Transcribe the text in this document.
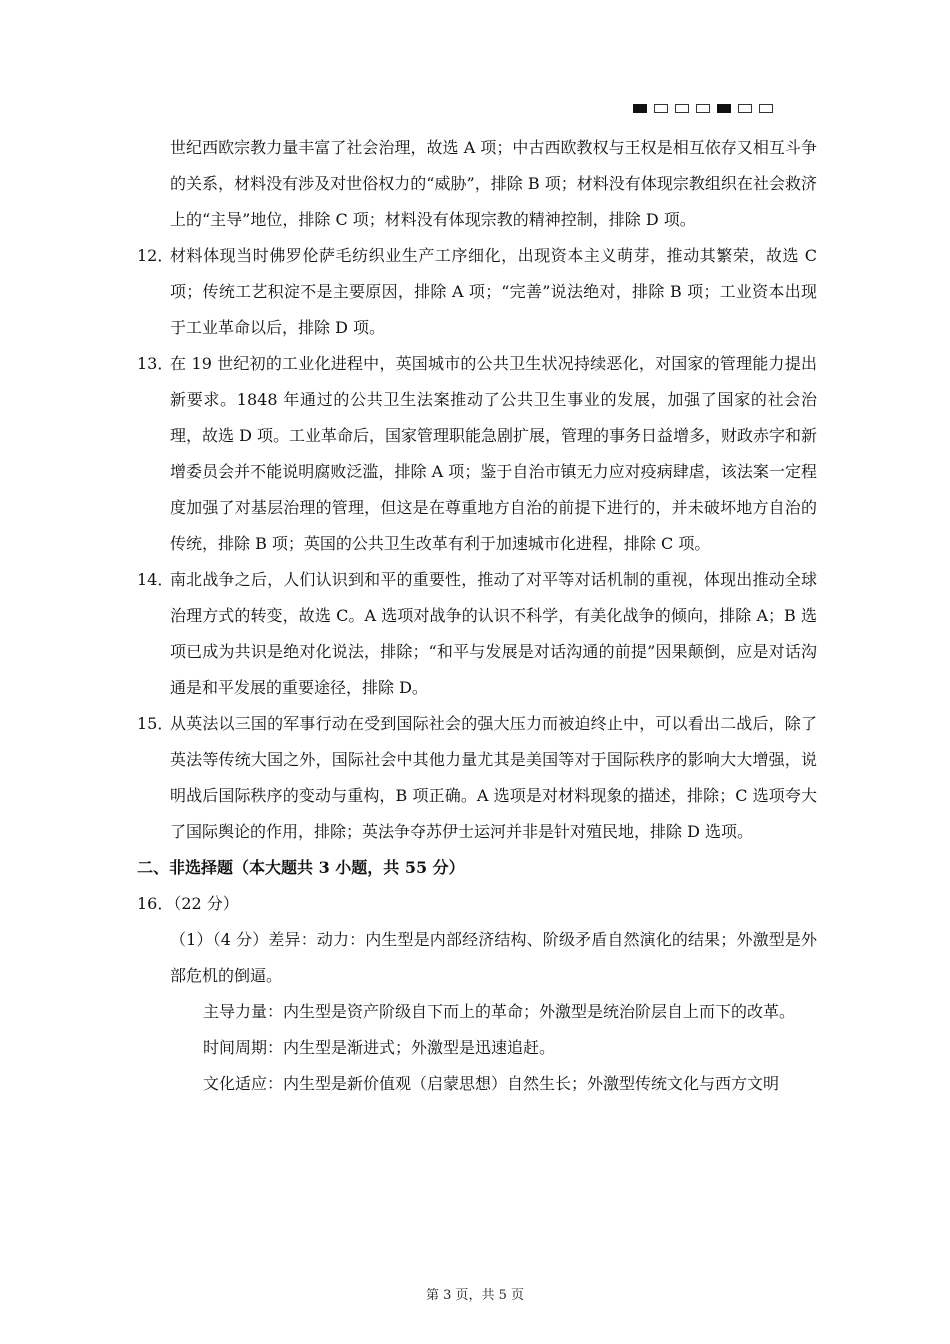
世纪西欧宗教力量丰富了社会治理，故选 A 项；中古西欧教权与王权是相互依存又相互斗争的关系，材料没有涉及对世俗权力的“威胁”，排除 B 项；材料没有体现宗教组织在社会救济上的“主导”地位，排除 C 项；材料没有体现宗教的精神控制，排除 D 项。

12．
材料体现当时佛罗伦萨毛纺织业生产工序细化，出现资本主义萌芽，推动其繁荣，故选 C 项；传统工艺积淀不是主要原因，排除 A 项；“完善”说法绝对，排除 B 项；工业资本出现于工业革命以后，排除 D 项。
13．
在 19 世纪初的工业化进程中，英国城市的公共卫生状况持续恶化，对国家的管理能力提出新要求。1848 年通过的公共卫生法案推动了公共卫生事业的发展，加强了国家的社会治理，故选 D 项。工业革命后，国家管理职能急剧扩展，管理的事务日益增多，财政赤字和新增委员会并不能说明腐败泛滥，排除 A 项；鉴于自治市镇无力应对疫病肆虐，该法案一定程度加强了对基层治理的管理，但这是在尊重地方自治的前提下进行的，并未破坏地方自治的传统，排除 B 项；英国的公共卫生改革有利于加速城市化进程，排除 C 项。
14．
南北战争之后，人们认识到和平的重要性，推动了对平等对话机制的重视，体现出推动全球治理方式的转变，故选 C。A 选项对战争的认识不科学，有美化战争的倾向，排除 A；B 选项已成为共识是绝对化说法，排除；“和平与发展是对话沟通的前提”因果颠倒，应是对话沟通是和平发展的重要途径，排除 D。
15．
从英法以三国的军事行动在受到国际社会的强大压力而被迫终止中，可以看出二战后，除了英法等传统大国之外，国际社会中其他力量尤其是美国等对于国际秩序的影响大大增强，说明战后国际秩序的变动与重构，B 项正确。A 选项是对材料现象的描述，排除；C 选项夸大了国际舆论的作用，排除；英法争夺苏伊士运河并非是针对殖民地，排除 D 选项。

二、非选择题（本大题共 3 小题，共 55 分）

16．（22 分）

（1）（4 分）差异：动力：内生型是内部经济结构、阶级矛盾自然演化的结果；外激型是外部危机的倒逼。

主导力量：内生型是资产阶级自下而上的革命；外激型是统治阶层自上而下的改革。

时间周期：内生型是渐进式；外激型是迅速追赶。

文化适应：内生型是新价值观（启蒙思想）自然生长；外激型传统文化与西方文明

第 3 页，共 5 页
